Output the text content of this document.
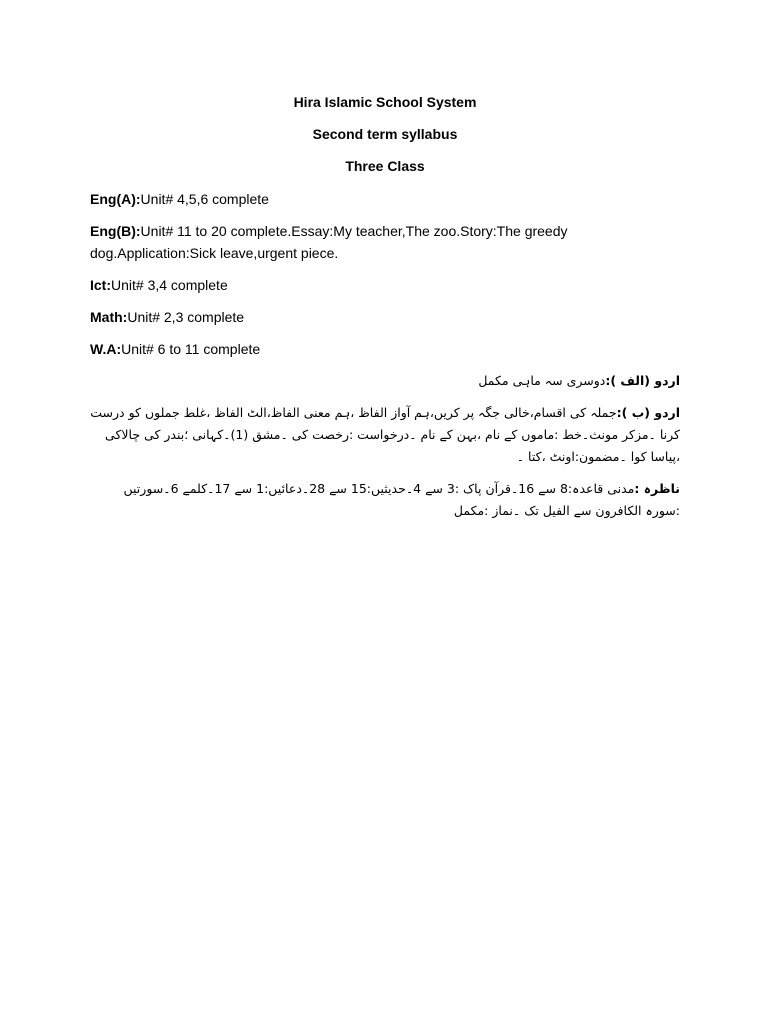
Hira Islamic School System

Second term syllabus

Three Class

Eng(A):Unit# 4,5,6 complete

Eng(B):Unit# 11 to 20 complete.Essay:My teacher,The zoo.Story:The greedy dog.Application:Sick leave,urgent piece.

Ict:Unit# 3,4 complete

Math:Unit# 2,3 complete

W.A:Unit# 6 to 11 complete

اردو (الف ):دوسری سہ ماہی مکمل

اردو (ب ):جملہ کی اقسام،خالی جگہ پر کریں،ہم آواز الفاظ ،ہم معنی الفاظ،الٹ الفاظ ،غلط جملوں کو درست کرنا ۔مزکر مونث۔خط :ماموں کے نام ،بہن کے نام ۔درخواست :رخصت کی ۔مشق (1)۔کہانی ؛بندر کی چالاکی ،پیاسا کوا ۔مضمون:اونٹ ،کتا ۔

ناظرہ :مدنی قاعدہ:8 سے 16۔قرآن پاک :3 سے 4۔حدیثیں:15 سے 28۔دعائیں:1 سے 17۔کلمے 6۔سورتیں :سورہ الکافرون سے الفیل تک ۔نماز :مکمل
